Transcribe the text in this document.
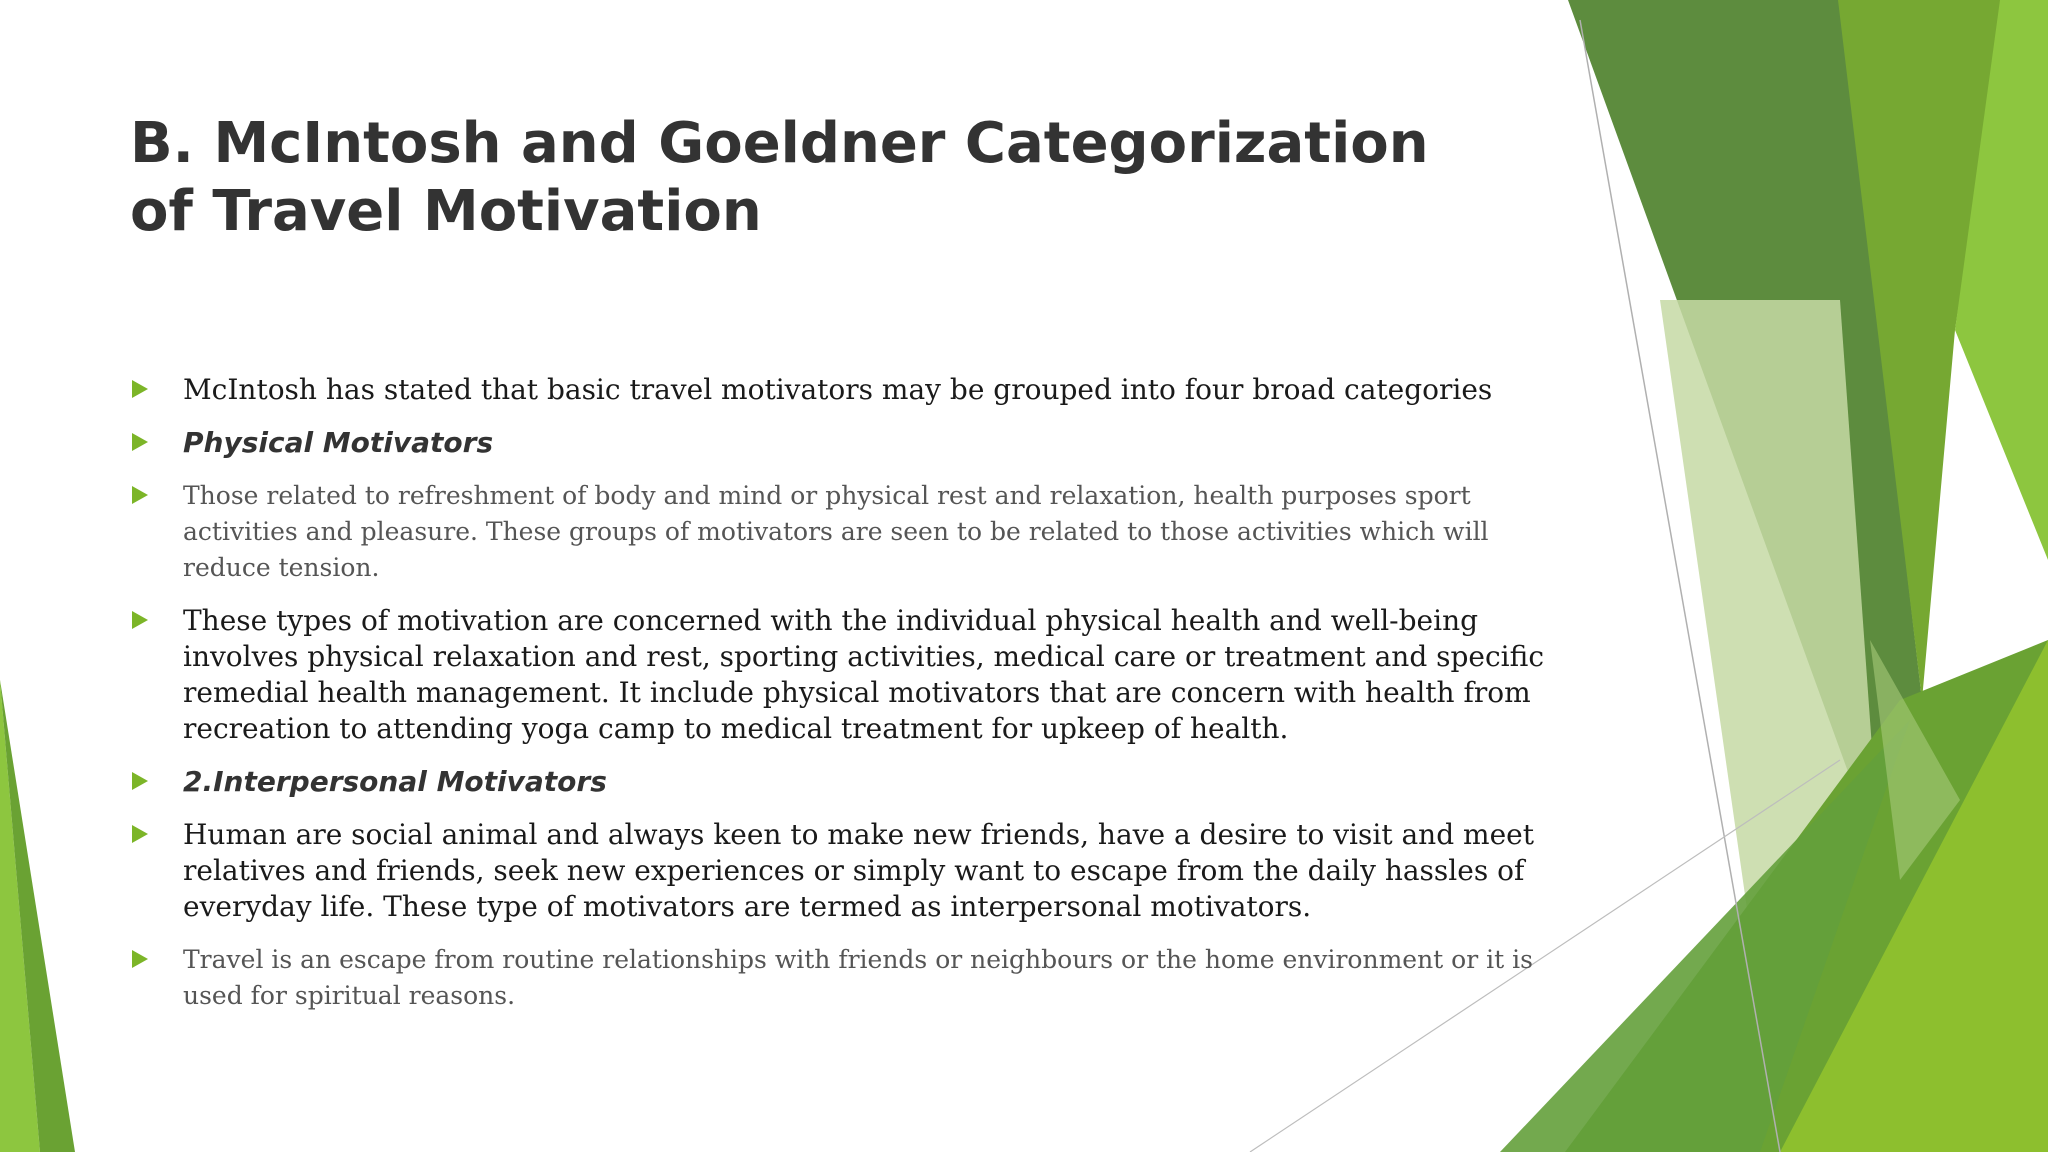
B. McIntosh and Goeldner Categorization of Travel Motivation
McIntosh has stated that basic travel motivators may be grouped into four broad categories
Physical Motivators
Those related to refreshment of body and mind or physical rest and relaxation, health purposes sport activities and pleasure. These groups of motivators are seen to be related to those activities which will reduce tension.
These types of motivation are concerned with the individual physical health and well-being involves physical relaxation and rest, sporting activities, medical care or treatment and specific remedial health management. It include physical motivators that are concern with health from recreation to attending yoga camp to medical treatment for upkeep of health.
2.Interpersonal Motivators
Human are social animal and always keen to make new friends, have a desire to visit and meet relatives and friends, seek new experiences or simply want to escape from the daily hassles of everyday life. These type of motivators are termed as interpersonal motivators.
Travel is an escape from routine relationships with friends or neighbours or the home environment or it is used for spiritual reasons.
